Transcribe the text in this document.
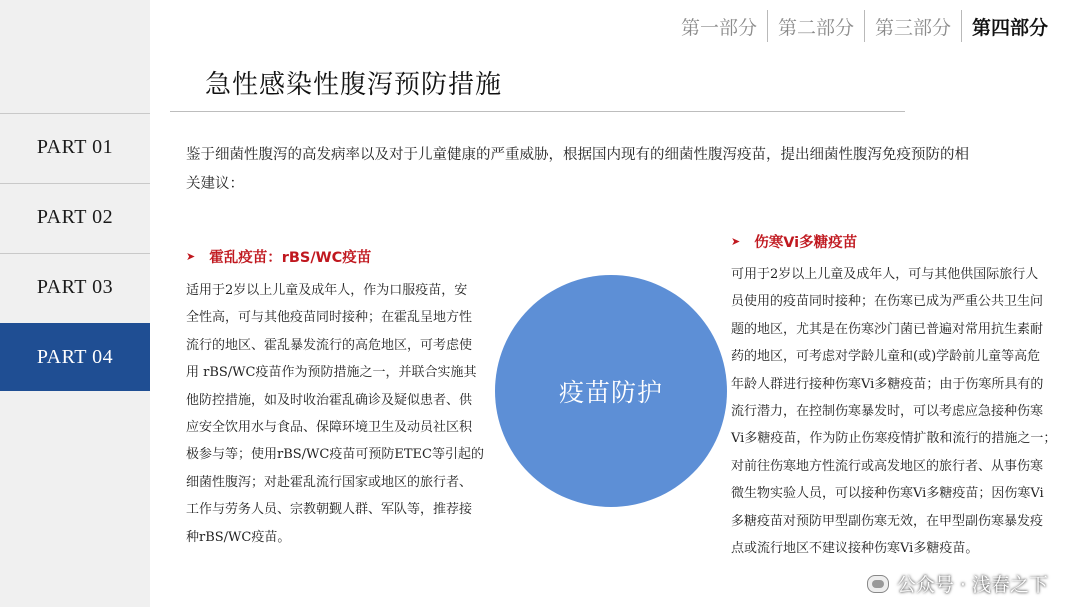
PART 01
PART 02
PART 03
PART 04
第一部分	第二部分	第三部分	第四部分
急性感染性腹泻预防措施
鉴于细菌性腹泻的高发病率以及对于儿童健康的严重威胁，根据国内现有的细菌性腹泻疫苗，提出细菌性腹泻免疫预防的相
关建议：
➤ 霍乱疫苗：rBS/WC疫苗
适用于2岁以上儿童及成年人，作为口服疫苗，安
全性高，可与其他疫苗同时接种；在霍乱呈地方性
流行的地区、霍乱暴发流行的高危地区，可考虑使
用 rBS/WC疫苗作为预防措施之一，并联合实施其
他防控措施，如及时收治霍乱确诊及疑似患者、供
应安全饮用水与食品、保障环境卫生及动员社区积
极参与等；使用rBS/WC疫苗可预防ETEC等引起的
细菌性腹泻；对赴霍乱流行国家或地区的旅行者、
工作与劳务人员、宗教朝觐人群、军队等，推荐接
种rBS/WC疫苗。
疫苗防护
➤ 伤寒Vi多糖疫苗
可用于2岁以上儿童及成年人，可与其他供国际旅行人
员使用的疫苗同时接种；在伤寒已成为严重公共卫生问
题的地区，尤其是在伤寒沙门菌已普遍对常用抗生素耐
药的地区，可考虑对学龄儿童和(或)学龄前儿童等高危
年龄人群进行接种伤寒Vi多糖疫苗；由于伤寒所具有的
流行潜力，在控制伤寒暴发时，可以考虑应急接种伤寒
Vi多糖疫苗，作为防止伤寒疫情扩散和流行的措施之一；
对前往伤寒地方性流行或高发地区的旅行者、从事伤寒
微生物实验人员，可以接种伤寒Vi多糖疫苗；因伤寒Vi
多糖疫苗对预防甲型副伤寒无效，在甲型副伤寒暴发疫
点或流行地区不建议接种伤寒Vi多糖疫苗。
公众号 · 浅春之下
